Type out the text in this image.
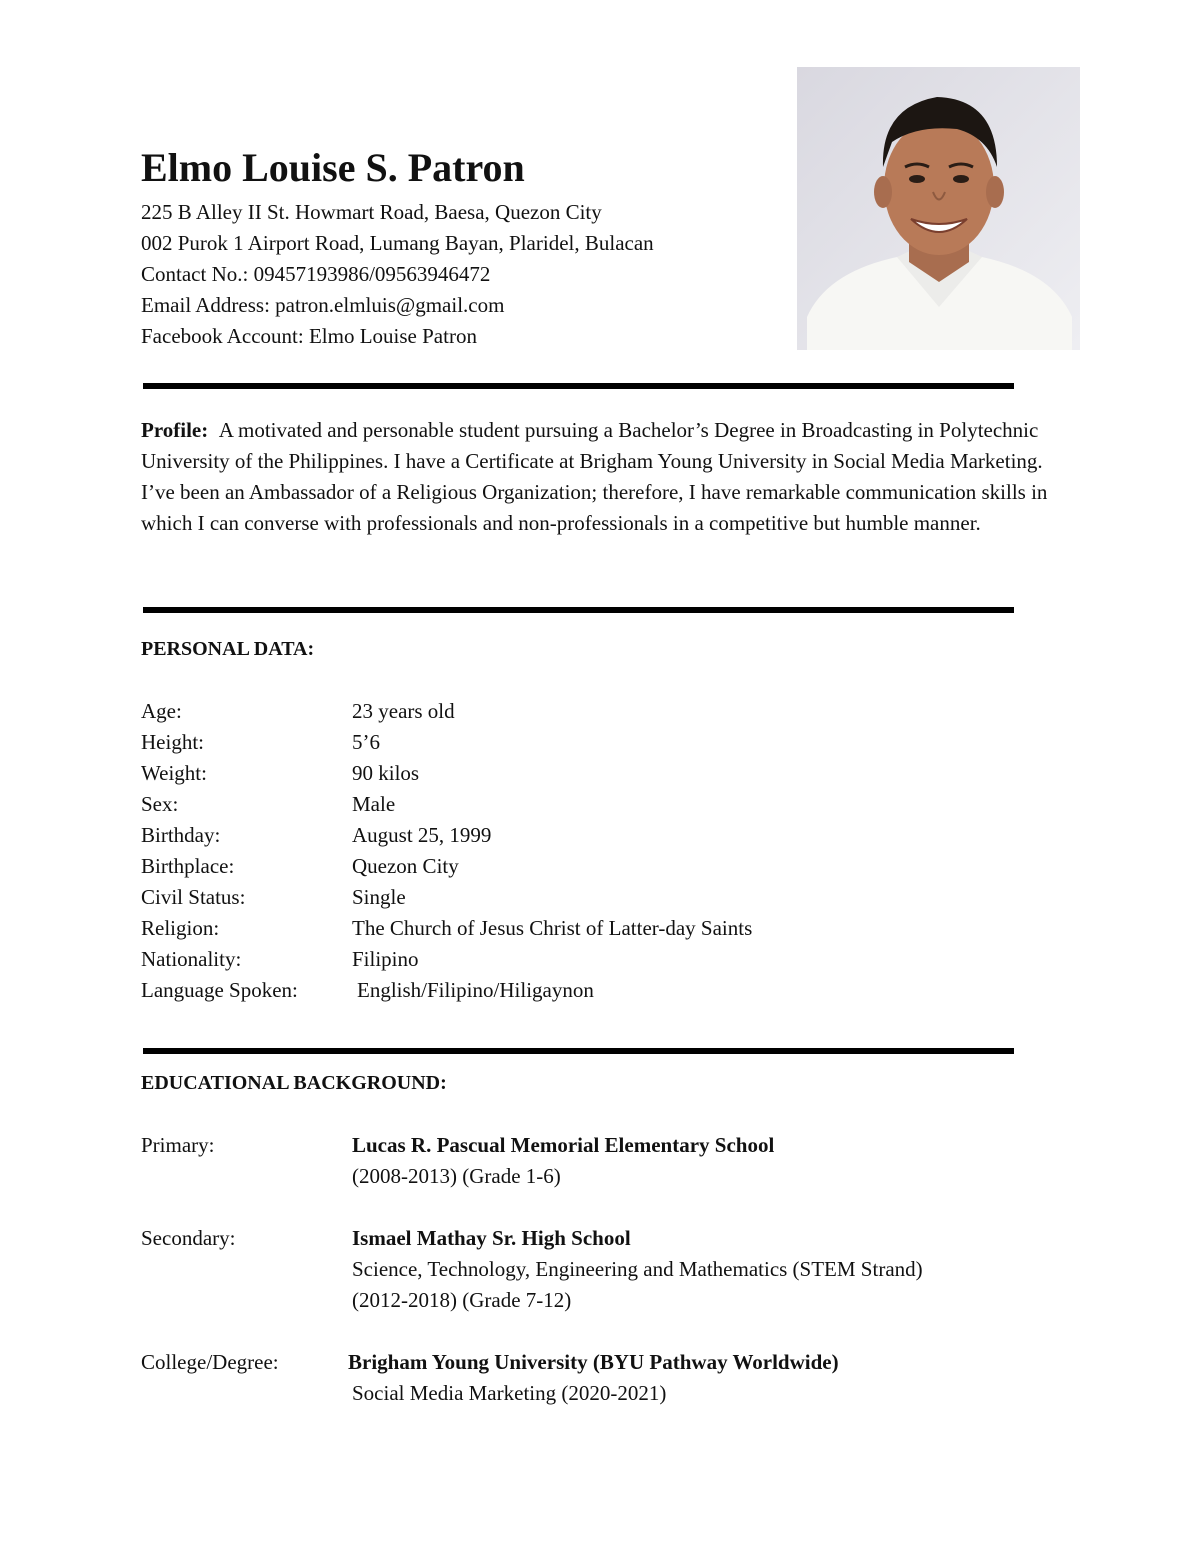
Elmo Louise S. Patron
225 B Alley II St. Howmart Road, Baesa, Quezon City
002 Purok 1 Airport Road, Lumang Bayan, Plaridel, Bulacan
Contact No.: 09457193986/09563946472
Email Address: patron.elmluis@gmail.com
Facebook Account: Elmo Louise Patron
Profile: A motivated and personable student pursuing a Bachelor’s Degree in Broadcasting in Polytechnic University of the Philippines. I have a Certificate at Brigham Young University in Social Media Marketing. I’ve been an Ambassador of a Religious Organization; therefore, I have remarkable communication skills in which I can converse with professionals and non-professionals in a competitive but humble manner.
PERSONAL DATA:
Age:	23 years old
Height:	5’6
Weight:	90 kilos
Sex:	Male
Birthday:	August 25, 1999
Birthplace:	Quezon City
Civil Status:	Single
Religion:	The Church of Jesus Christ of Latter-day Saints
Nationality:	Filipino
Language Spoken:	English/Filipino/Hiligaynon
EDUCATIONAL BACKGROUND:
Primary:	Lucas R. Pascual Memorial Elementary School
(2008-2013) (Grade 1-6)
Secondary:	Ismael Mathay Sr. High School
Science, Technology, Engineering and Mathematics (STEM Strand)
(2012-2018) (Grade 7-12)
College/Degree:	Brigham Young University (BYU Pathway Worldwide)
Social Media Marketing (2020-2021)
